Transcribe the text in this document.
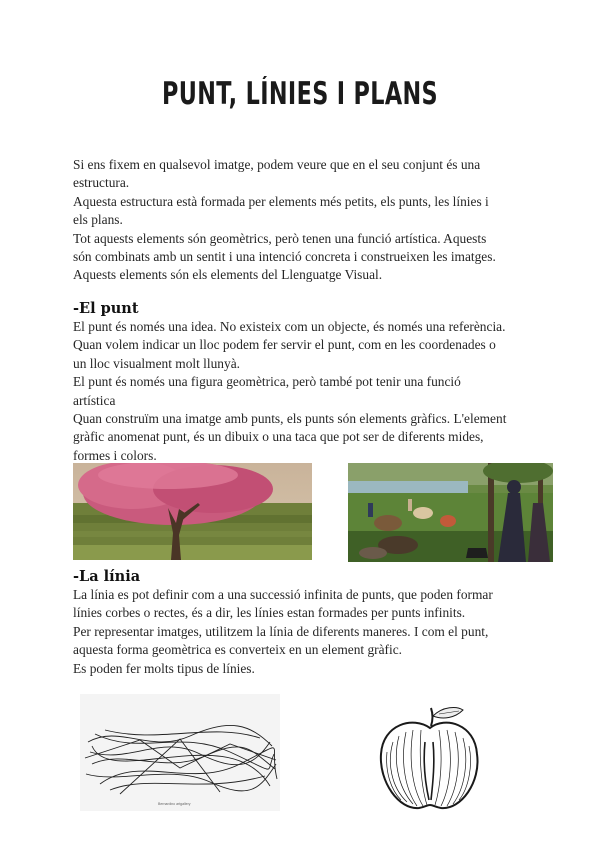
PUNT, LÍNIES I PLANS
Si ens fixem en qualsevol imatge, podem veure que en el seu conjunt és una
estructura.
Aquesta estructura està formada per elements més petits, els punts, les línies i
els plans.
Tot aquests elements són geomètrics, però tenen una funció artística. Aquests
són combinats amb un sentit i una intenció concreta i construeixen les imatges.
Aquests elements són els elements del Llenguatge Visual.
-El punt
El punt és només una idea. No existeix com un objecte, és només una referència.
Quan volem indicar un lloc podem fer servir el punt, com en les coordenades o
un lloc visualment molt llunyà.
El punt és només una figura geomètrica, però també pot tenir una funció
artística
Quan construïm una imatge amb punts, els punts són elements gràfics. L'element
gràfic anomenat punt, és un dibuix o una taca que pot ser de diferents mides,
formes i colors.
-La línia
La línia es pot definir com a una successió infinita de punts, que poden formar
línies corbes o rectes, és a dir, les línies estan formades per punts infinits.
Per representar imatges, utilitzem la línia de diferents maneres. I com el punt,
aquesta forma geomètrica es converteix en un element gràfic.
Es poden fer molts tipus de línies.
Bernardino artgallery
